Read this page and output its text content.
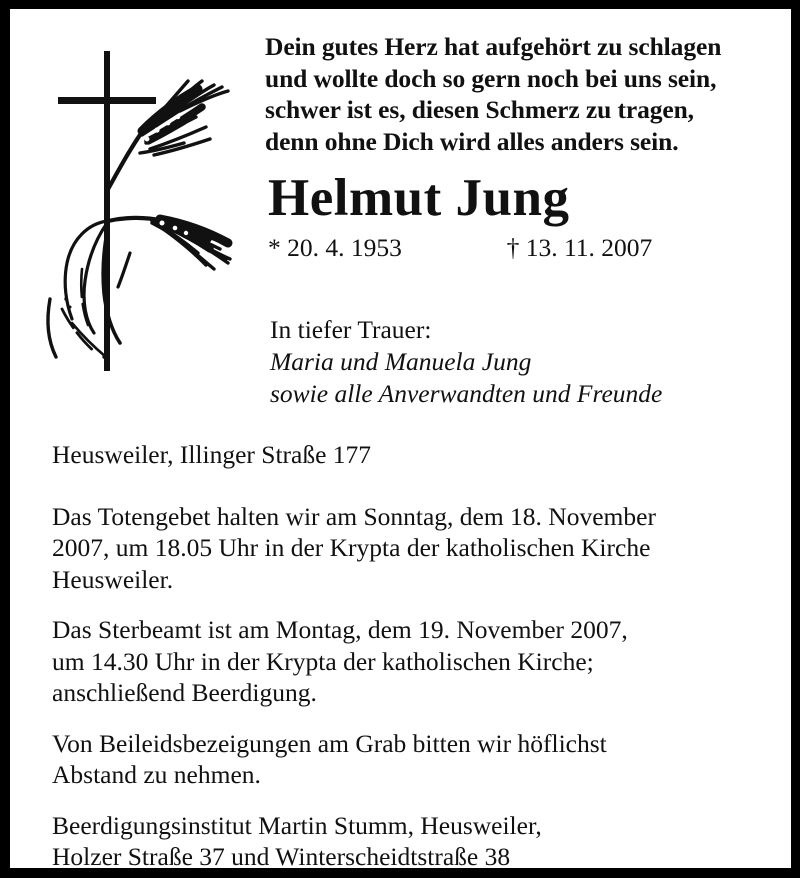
Dein gutes Herz hat aufgehört zu schlagen

und wollte doch so gern noch bei uns sein,

schwer ist es, diesen Schmerz zu tragen,

denn ohne Dich wird alles anders sein.

Helmut Jung

* 20. 4. 1953	† 13. 11. 2007

In tiefer Trauer:

Maria und Manuela Jung

sowie alle Anverwandten und Freunde

Heusweiler, Illinger Straße 177

Das Totengebet halten wir am Sonntag, dem 18. November

2007, um 18.05 Uhr in der Krypta der katholischen Kirche

Heusweiler.

Das Sterbeamt ist am Montag, dem 19. November 2007,

um 14.30 Uhr in der Krypta der katholischen Kirche;

anschließend Beerdigung.

Von Beileidsbezeigungen am Grab bitten wir höflichst

Abstand zu nehmen.

Beerdigungsinstitut Martin Stumm, Heusweiler,

Holzer Straße 37 und Winterscheidtstraße 38
